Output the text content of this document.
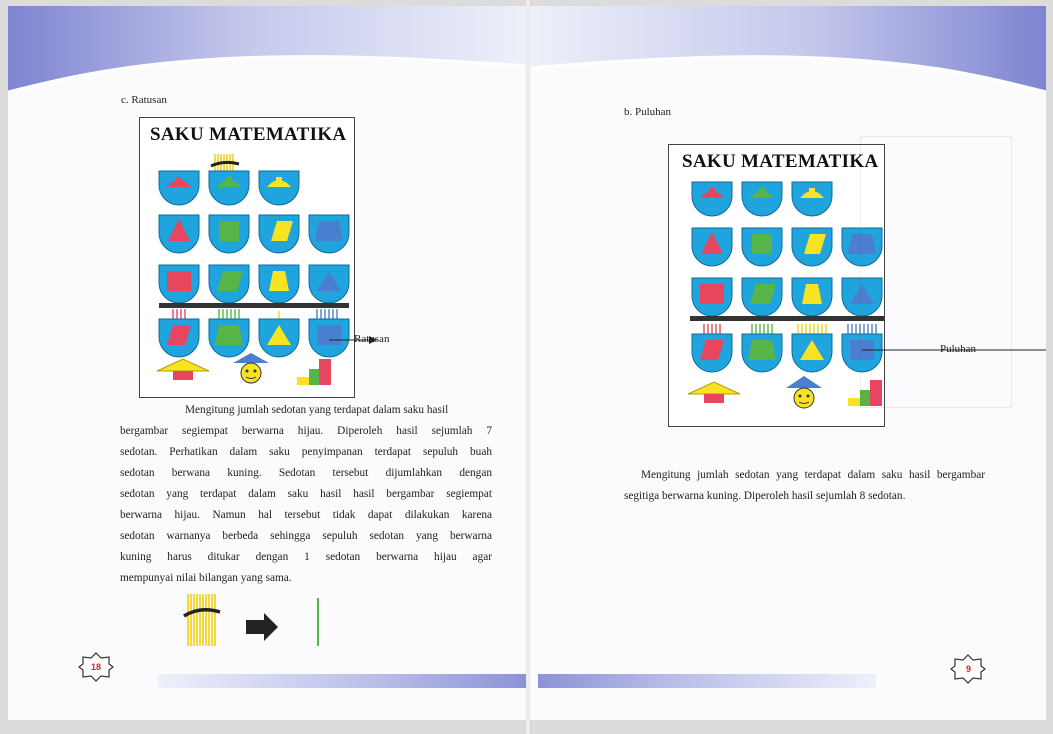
c. Ratusan
SAKU MATEMATIKA
Ratusan
Mengitung jumlah sedotan yang terdapat dalam saku hasil
bergambar segiempat berwarna hijau. Diperoleh hasil sejumlah 7
sedotan. Perhatikan dalam saku penyimpanan terdapat sepuluh buah
sedotan berwana kuning. Sedotan tersebut dijumlahkan dengan
sedotan yang terdapat dalam saku hasil hasil bergambar segiempat
berwarna hijau. Namun hal tersebut tidak dapat dilakukan karena
sedotan warnanya berbeda sehingga sepuluh sedotan yang berwarna
kuning harus ditukar dengan 1 sedotan berwarna hijau agar
mempunyai nilai bilangan yang sama.
18
b. Puluhan
SAKU MATEMATIKA
Puluhan
Mengitung jumlah sedotan yang terdapat dalam saku hasil bergambar
segitiga berwarna kuning. Diperoleh hasil sejumlah 8 sedotan.
9
